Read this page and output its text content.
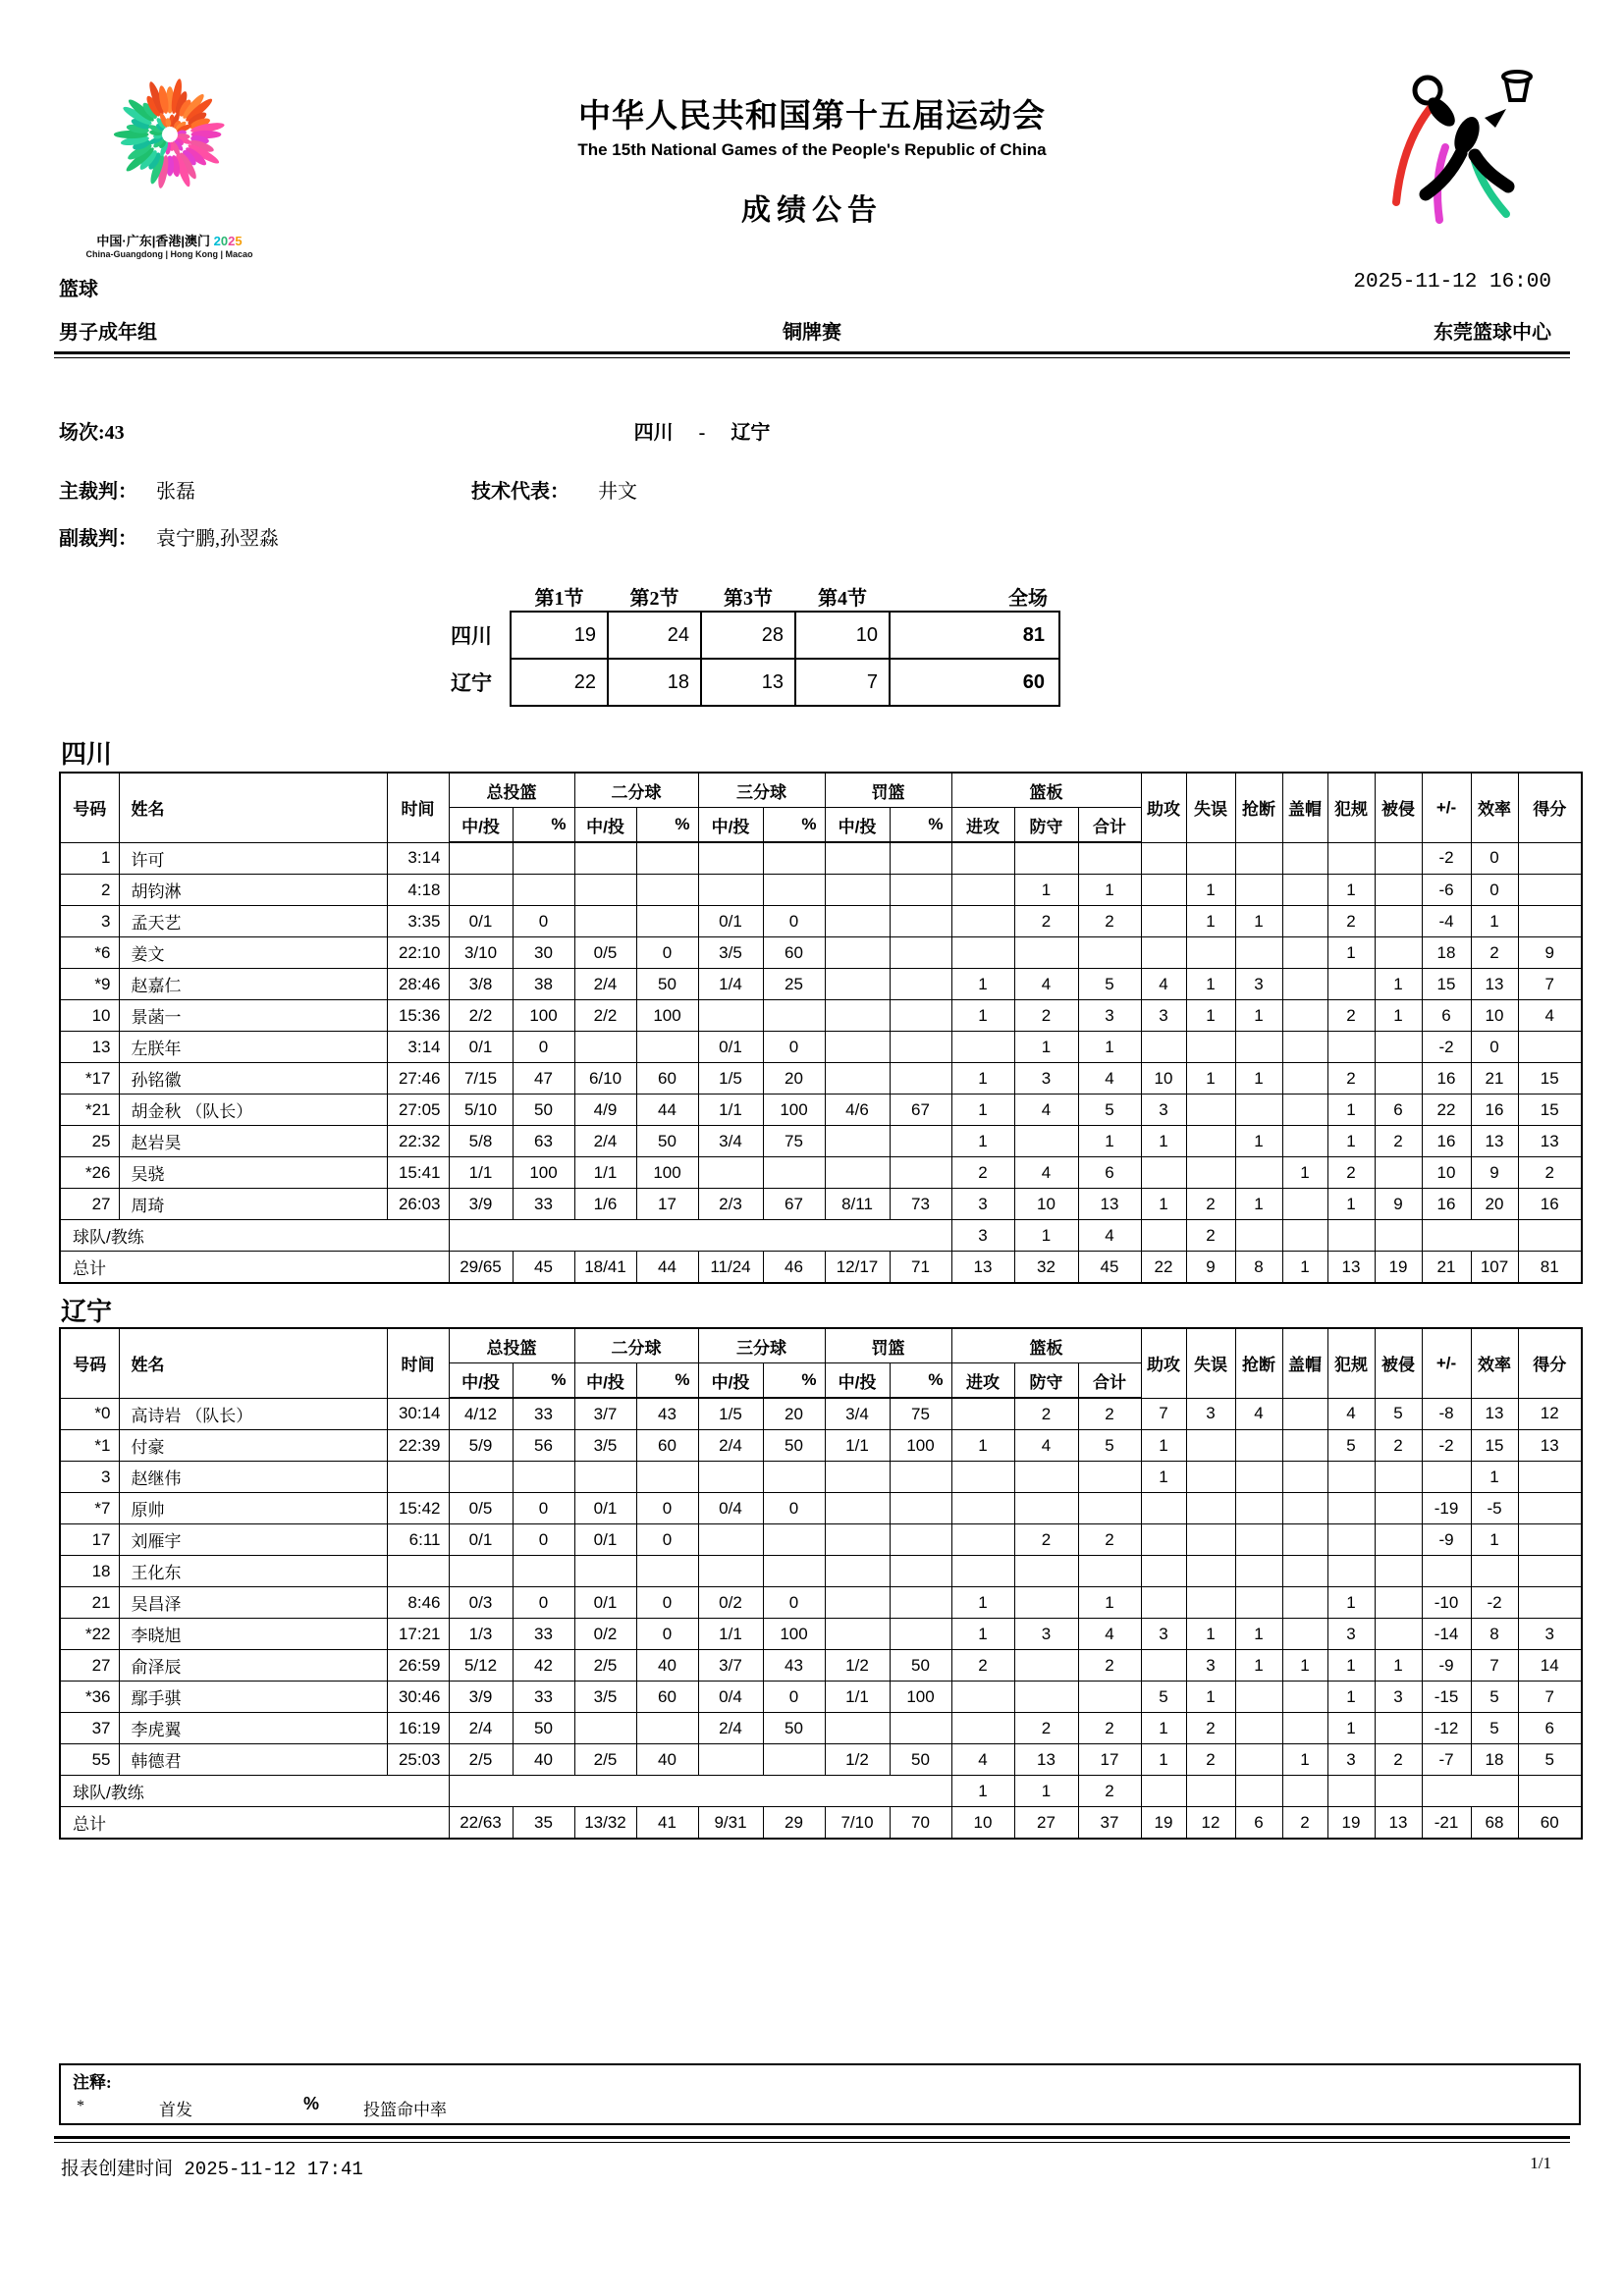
中国·广东|香港|澳门 2025
China-Guangdong | Hong Kong | Macao
中华人民共和国第十五届运动会
The 15th National Games of the People's Republic of China
成绩公告
篮球	2025-11-12 16:00
男子成年组	铜牌赛	东莞篮球中心
场次:43	四川 - 辽宁
主裁判： 张磊	技术代表： 井文
副裁判： 袁宁鹏,孙翌淼
	第1节	第2节	第3节	第4节	全场
四川	19	24	28	10	81
辽宁	22	18	13	7	60
四川
号码	姓名	时间	总投篮		二分球		三分球		罚篮		篮板			助攻	失误	抢断	盖帽	犯规	被侵	+/-	效率	得分
			中/投	%	中/投	%	中/投	%	中/投	%	进攻	防守	合计									
1	许可	3:14																		-2	0	
2	胡钧淋	4:18										1	1		1			1		-6	0	
3	孟天艺	3:35	0/1	0			0/1	0				2	2		1	1		2		-4	1	
*6	姜文	22:10	3/10	30	0/5	0	3/5	60										1		18	2	9
*9	赵嘉仁	28:46	3/8	38	2/4	50	1/4	25			1	4	5	4	1	3			1	15	13	7
10	景菡一	15:36	2/2	100	2/2	100					1	2	3	3	1	1		2	1	6	10	4
13	左朕年	3:14	0/1	0			0/1	0				1	1							-2	0	
*17	孙铭徽	27:46	7/15	47	6/10	60	1/5	20			1	3	4	10	1	1		2		16	21	15
*21	胡金秋 （队长）	27:05	5/10	50	4/9	44	1/1	100	4/6	67	1	4	5	3				1	6	22	16	15
25	赵岩昊	22:32	5/8	63	2/4	50	3/4	75			1		1	1		1		1	2	16	13	13
*26	吴骁	15:41	1/1	100	1/1	100					2	4	6				1	2		10	9	2
27	周琦	26:03	3/9	33	1/6	17	2/3	67	8/11	73	3	10	13	1	2	1		1	9	16	20	16
球队/教练											3	1	4		2							
总计			29/65	45	18/41	44	11/24	46	12/17	71	13	32	45	22	9	8	1	13	19	21	107	81
辽宁
号码	姓名	时间	总投篮		二分球		三分球		罚篮		篮板			助攻	失误	抢断	盖帽	犯规	被侵	+/-	效率	得分
			中/投	%	中/投	%	中/投	%	中/投	%	进攻	防守	合计									
*0	高诗岩 （队长）	30:14	4/12	33	3/7	43	1/5	20	3/4	75		2	2	7	3	4		4	5	-8	13	12
*1	付豪	22:39	5/9	56	3/5	60	2/4	50	1/1	100	1	4	5	1				5	2	-2	15	13
3	赵继伟													1							1	
*7	原帅	15:42	0/5	0	0/1	0	0/4	0												-19	-5	
17	刘雁宇	6:11	0/1	0	0/1	0						2	2							-9	1	
18	王化东																					
21	吴昌泽	8:46	0/3	0	0/1	0	0/2	0			1		1					1		-10	-2	
*22	李晓旭	17:21	1/3	33	0/2	0	1/1	100			1	3	4	3	1	1		3		-14	8	3
27	俞泽辰	26:59	5/12	42	2/5	40	3/7	43	1/2	50	2		2		3	1	1	1	1	-9	7	14
*36	鄢手骐	30:46	3/9	33	3/5	60	0/4	0	1/1	100				5	1			1	3	-15	5	7
37	李虎翼	16:19	2/4	50			2/4	50				2	2	1	2			1		-12	5	6
55	韩德君	25:03	2/5	40	2/5	40			1/2	50	4	13	17	1	2		1	3	2	-7	18	5
球队/教练											1	1	2									
总计			22/63	35	13/32	41	9/31	29	7/10	70	10	27	37	19	12	6	2	19	13	-21	68	60
注释:
*	首发	%	投篮命中率
报表创建时间 2025-11-12 17:41	1/1
